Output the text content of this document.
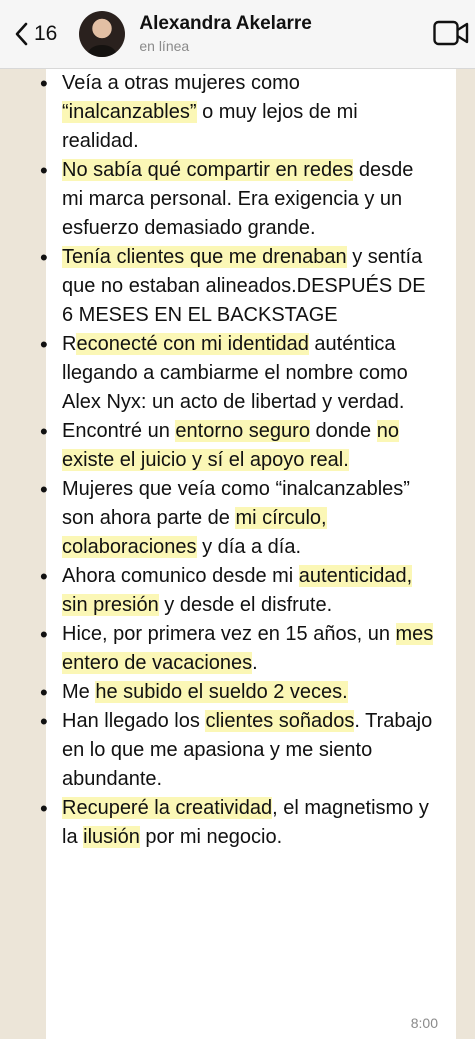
16	Alexandra Akelarre
en línea
• Veía a otras mujeres como “inalcanzables” o muy lejos de mi realidad.
• No sabía qué compartir en redes desde mi marca personal. Era exigencia y un esfuerzo demasiado grande.
• Tenía clientes que me drenaban y sentía que no estaban alineados.DESPUÉS DE 6 MESES EN EL BACKSTAGE
• Reconecté con mi identidad auténtica llegando a cambiarme el nombre como Alex Nyx: un acto de libertad y verdad.
• Encontré un entorno seguro donde no existe el juicio y sí el apoyo real.
• Mujeres que veía como “inalcanzables” son ahora parte de mi círculo, colaboraciones y día a día.
• Ahora comunico desde mi autenticidad, sin presión y desde el disfrute.
• Hice, por primera vez en 15 años, un mes entero de vacaciones.
• Me he subido el sueldo 2 veces.
• Han llegado los clientes soñados. Trabajo en lo que me apasiona y me siento abundante.
• Recuperé la creatividad, el magnetismo y la ilusión por mi negocio.
8:00
